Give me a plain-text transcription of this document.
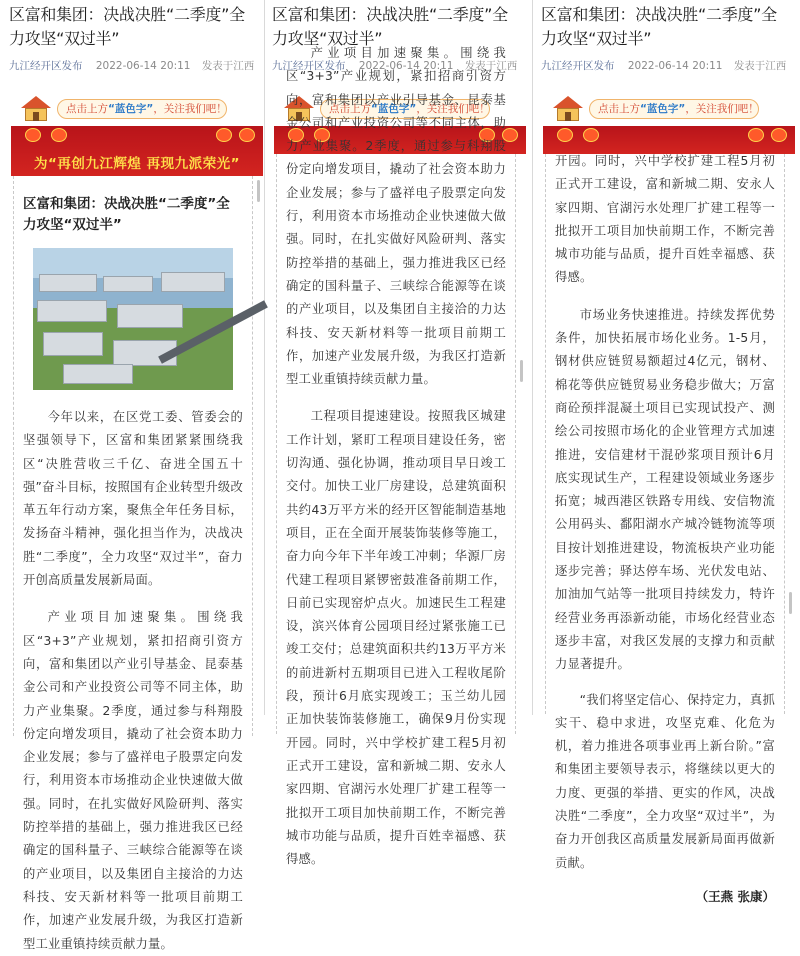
区富和集团：决战决胜“二季度”全力攻坚“双过半”
九江经开区发布 2022-06-14 20:11 发表于江西
点击上方“蓝色字”，关注我们吧！
为“再创九江辉煌 再现九派荣光”
区富和集团：决战决胜“二季度”全力攻坚“双过半”

今年以来，在区党工委、管委会的坚强领导下，区富和集团紧紧围绕我区“决胜营收三千亿、奋进全国五十强”奋斗目标，按照国有企业转型升级改革五年行动方案，聚焦全年任务目标，发扬奋斗精神，强化担当作为，决战决胜“二季度”，全力攻坚“双过半”，奋力开创高质量发展新局面。

产业项目加速聚集。围绕我区“3+3”产业规划，紧扣招商引资方向，富和集团以产业引导基金、昆泰基金公司和产业投资公司等不同主体，助力产业集聚。2季度，通过参与科翔股份定向增发项目，撬动了社会资本助力企业发展；参与了盛祥电子股票定向发行，利用资本市场推动企业快速做大做强。同时，在扎实做好风险研判、落实防控举措的基础上，强力推进我区已经确定的国科量子、三峡综合能源等在谈的产业项目，以及集团自主接洽的力达科技、安天新材料等一批项目前期工作，加速产业发展升级，为我区打造新型工业重镇持续贡献力量。

区富和集团：决战决胜“二季度”全力攻坚“双过半”
九江经开区发布 2022-06-14 20:11 发表于江西
点击上方“蓝色字”，关注我们吧！

产业项目加速聚集。围绕我区“3+3”产业规划，紧扣招商引资方向，富和集团以产业引导基金、昆泰基金公司和产业投资公司等不同主体，助力产业集聚。2季度，通过参与科翔股份定向增发项目，撬动了社会资本助力企业发展；参与了盛祥电子股票定向发行，利用资本市场推动企业快速做大做强。同时，在扎实做好风险研判、落实防控举措的基础上，强力推进我区已经确定的国科量子、三峡综合能源等在谈的产业项目，以及集团自主接洽的力达科技、安天新材料等一批项目前期工作，加速产业发展升级，为我区打造新型工业重镇持续贡献力量。

工程项目提速建设。按照我区城建工作计划，紧盯工程项目建设任务，密切沟通、强化协调，推动项目早日竣工交付。加快工业厂房建设，总建筑面积共约43万平方米的经开区智能制造基地项目，正在全面开展装饰装修等施工，奋力向今年下半年竣工冲刺；华源厂房代建工程项目紧锣密鼓准备前期工作，日前已实现窑炉点火。加速民生工程建设，滨兴体育公园项目经过紧张施工已竣工交付；总建筑面积共约13万平方米的前进新村五期项目已进入工程收尾阶段，预计6月底实现竣工；玉兰幼儿园正加快装饰装修施工，确保9月份实现开园。同时，兴中学校扩建工程5月初正式开工建设，富和新城二期、安永人家四期、官湖污水处理厂扩建工程等一批拟开工项目加快前期工作，不断完善城市功能与品质，提升百姓幸福感、获得感。

区富和集团：决战决胜“二季度”全力攻坚“双过半”
九江经开区发布 2022-06-14 20:11 发表于江西
点击上方“蓝色字”，关注我们吧！

开园。同时，兴中学校扩建工程5月初正式开工建设，富和新城二期、安永人家四期、官湖污水处理厂扩建工程等一批拟开工项目加快前期工作，不断完善城市功能与品质，提升百姓幸福感、获得感。

市场业务快速推进。持续发挥优势条件，加快拓展市场化业务。1-5月，钢材供应链贸易额超过4亿元，钢材、棉花等供应链贸易业务稳步做大；万富商砼预拌混凝土项目已实现试投产、测绘公司按照市场化的企业管理方式加速推进，安信建材干混砂浆项目预计6月底实现试生产，工程建设领域业务逐步拓宽；城西港区铁路专用线、安信物流公用码头、鄱阳湖水产城冷链物流等项目按计划推进建设，物流板块产业功能逐步完善；驿达停车场、光伏发电站、加油加气站等一批项目持续发力，特许经营业务再添新动能，市场化经营业态逐步丰富，对我区发展的支撑力和贡献力显著提升。

“我们将坚定信心、保持定力，真抓实干、稳中求进，攻坚克难、化危为机，着力推进各项事业再上新台阶。”富和集团主要领导表示，将继续以更大的力度、更强的举措、更实的作风，决战决胜“二季度”，全力攻坚“双过半”，为奋力开创我区高质量发展新局面再做新贡献。

（王燕 张康）
